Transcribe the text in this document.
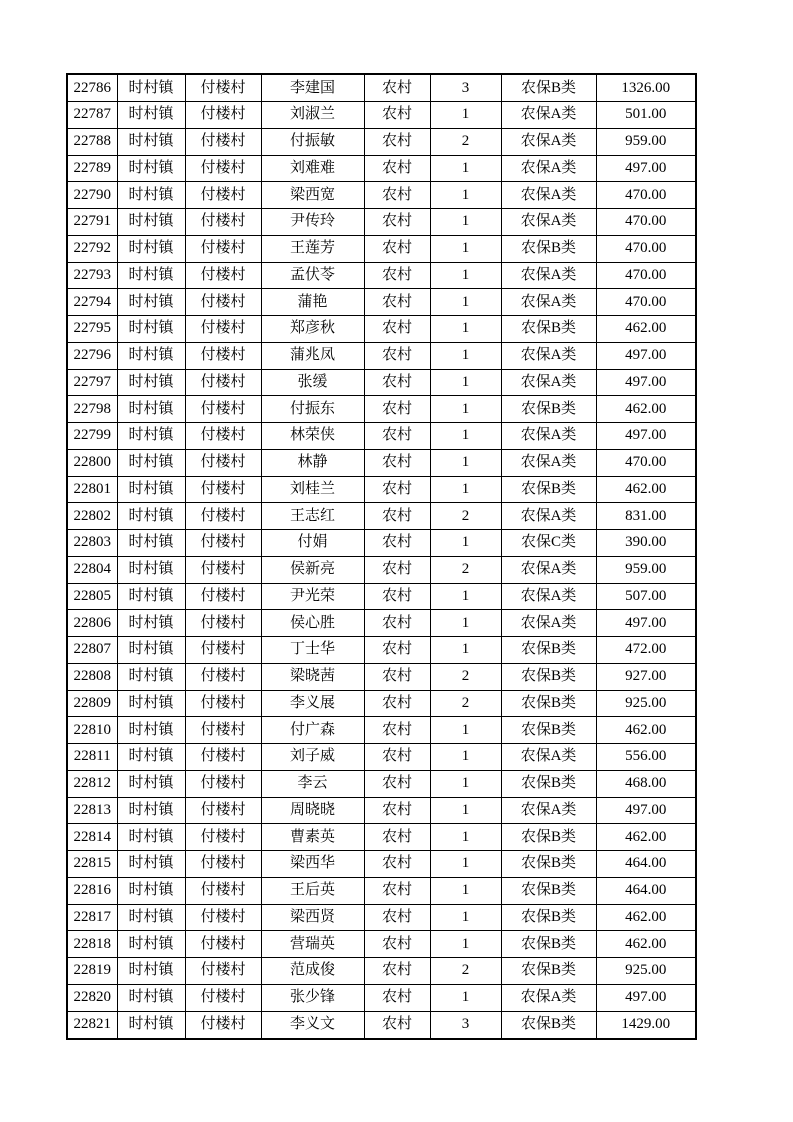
22786	时村镇	付楼村	李建国	农村	3	农保B类	1326.00
22787	时村镇	付楼村	刘淑兰	农村	1	农保A类	501.00
22788	时村镇	付楼村	付振敏	农村	2	农保A类	959.00
22789	时村镇	付楼村	刘难难	农村	1	农保A类	497.00
22790	时村镇	付楼村	梁西宽	农村	1	农保A类	470.00
22791	时村镇	付楼村	尹传玲	农村	1	农保A类	470.00
22792	时村镇	付楼村	王莲芳	农村	1	农保B类	470.00
22793	时村镇	付楼村	孟伏苓	农村	1	农保A类	470.00
22794	时村镇	付楼村	蒲艳	农村	1	农保A类	470.00
22795	时村镇	付楼村	郑彦秋	农村	1	农保B类	462.00
22796	时村镇	付楼村	蒲兆凤	农村	1	农保A类	497.00
22797	时村镇	付楼村	张缓	农村	1	农保A类	497.00
22798	时村镇	付楼村	付振东	农村	1	农保B类	462.00
22799	时村镇	付楼村	林荣侠	农村	1	农保A类	497.00
22800	时村镇	付楼村	林静	农村	1	农保A类	470.00
22801	时村镇	付楼村	刘桂兰	农村	1	农保B类	462.00
22802	时村镇	付楼村	王志红	农村	2	农保A类	831.00
22803	时村镇	付楼村	付娟	农村	1	农保C类	390.00
22804	时村镇	付楼村	侯新亮	农村	2	农保A类	959.00
22805	时村镇	付楼村	尹光荣	农村	1	农保A类	507.00
22806	时村镇	付楼村	侯心胜	农村	1	农保A类	497.00
22807	时村镇	付楼村	丁士华	农村	1	农保B类	472.00
22808	时村镇	付楼村	梁晓茜	农村	2	农保B类	927.00
22809	时村镇	付楼村	李义展	农村	2	农保B类	925.00
22810	时村镇	付楼村	付广森	农村	1	农保B类	462.00
22811	时村镇	付楼村	刘子威	农村	1	农保A类	556.00
22812	时村镇	付楼村	李云	农村	1	农保B类	468.00
22813	时村镇	付楼村	周晓晓	农村	1	农保A类	497.00
22814	时村镇	付楼村	曹素英	农村	1	农保B类	462.00
22815	时村镇	付楼村	梁西华	农村	1	农保B类	464.00
22816	时村镇	付楼村	王后英	农村	1	农保B类	464.00
22817	时村镇	付楼村	梁西贤	农村	1	农保B类	462.00
22818	时村镇	付楼村	营瑞英	农村	1	农保B类	462.00
22819	时村镇	付楼村	范成俊	农村	2	农保B类	925.00
22820	时村镇	付楼村	张少锋	农村	1	农保A类	497.00
22821	时村镇	付楼村	李义文	农村	3	农保B类	1429.00
